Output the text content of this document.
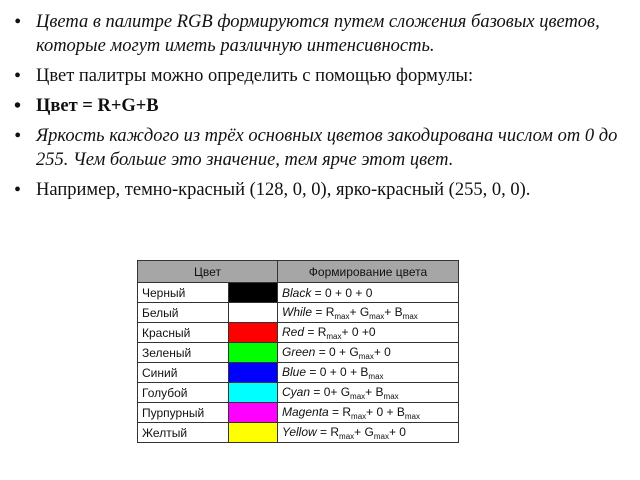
• Цвета в палитре RGB формируются путем сложения базовых цветов, которые могут иметь различную интенсивность.
• Цвет палитры можно определить с помощью формулы:
• Цвет = R+G+B
• Яркость каждого из трёх основных цветов закодирована числом от 0 до 255. Чем больше это значение, тем ярче этот цвет.
• Например, темно-красный (128, 0, 0), ярко-красный (255, 0, 0).
Цвет		Формирование цвета
Черный		Black = 0 + 0 + 0
Белый		While = $R_{max}+ G_{max}+ B_{max}$
Красный		Red = $R_{max}+ 0 +0$
Зеленый		Green = $0 + G_{max}+ 0$
Синий		Blue = $0 + 0 + B_{max}$
Голубой		Cyan = $0+ G_{max}+ B_{max}$
Пурпурный		Magenta = $R_{max}+ 0 + B_{max}$
Желтый		Yellow = $R_{max}+ G_{max}+ 0$
